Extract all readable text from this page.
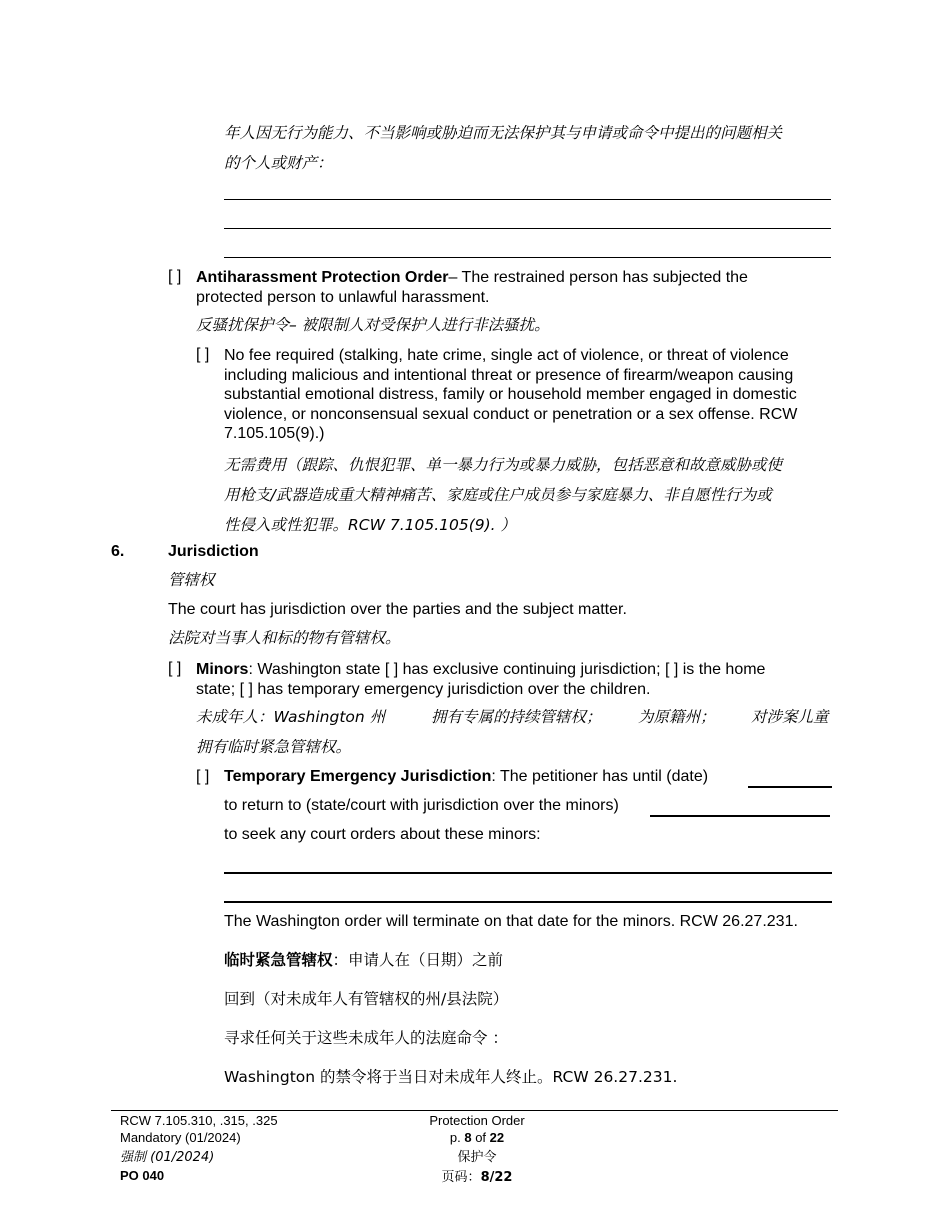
年人因无行为能力、不当影响或胁迫而无法保护其与申请或命令中提出的问题相关
的个人或财产：
[ ] Antiharassment Protection Order– The restrained person has subjected the protected person to unlawful harassment.
反骚扰保护令– 被限制人对受保护人进行非法骚扰。
[ ] No fee required (stalking, hate crime, single act of violence, or threat of violence including malicious and intentional threat or presence of firearm/weapon causing substantial emotional distress, family or household member engaged in domestic violence, or nonconsensual sexual conduct or penetration or a sex offense. RCW 7.105.105(9).)
无需费用（跟踪、仇恨犯罪、单一暴力行为或暴力威胁，包括恶意和故意威胁或使
用枪支/武器造成重大精神痛苦、家庭或住户成员参与家庭暴力、非自愿性行为或
性侵入或性犯罪。RCW 7.105.105(9). ）
6.	Jurisdiction
管辖权
The court has jurisdiction over the parties and the subject matter.
法院对当事人和标的物有管辖权。
[ ] Minors: Washington state [ ] has exclusive continuing jurisdiction; [ ] is the home
state; [ ] has temporary emergency jurisdiction over the children.
未成年人：Washington 州	拥有专属的持续管辖权； 为原籍州； 对涉案儿童
拥有临时紧急管辖权。
[ ] Temporary Emergency Jurisdiction: The petitioner has until (date)
to return to (state/court with jurisdiction over the minors)
to seek any court orders about these minors:
The Washington order will terminate on that date for the minors. RCW 26.27.231.
临时紧急管辖权：申请人在（日期）之前
回到（对未成年人有管辖权的州/县法院）
寻求任何关于这些未成年人的法庭命令 ：
Washington 的禁令将于当日对未成年人终止。RCW 26.27.231.
RCW 7.105.310, .315, .325
Mandatory (01/2024)
强制 (01/2024)
PO 040
Protection Order
p. 8 of 22
保护令
页码：8/22
